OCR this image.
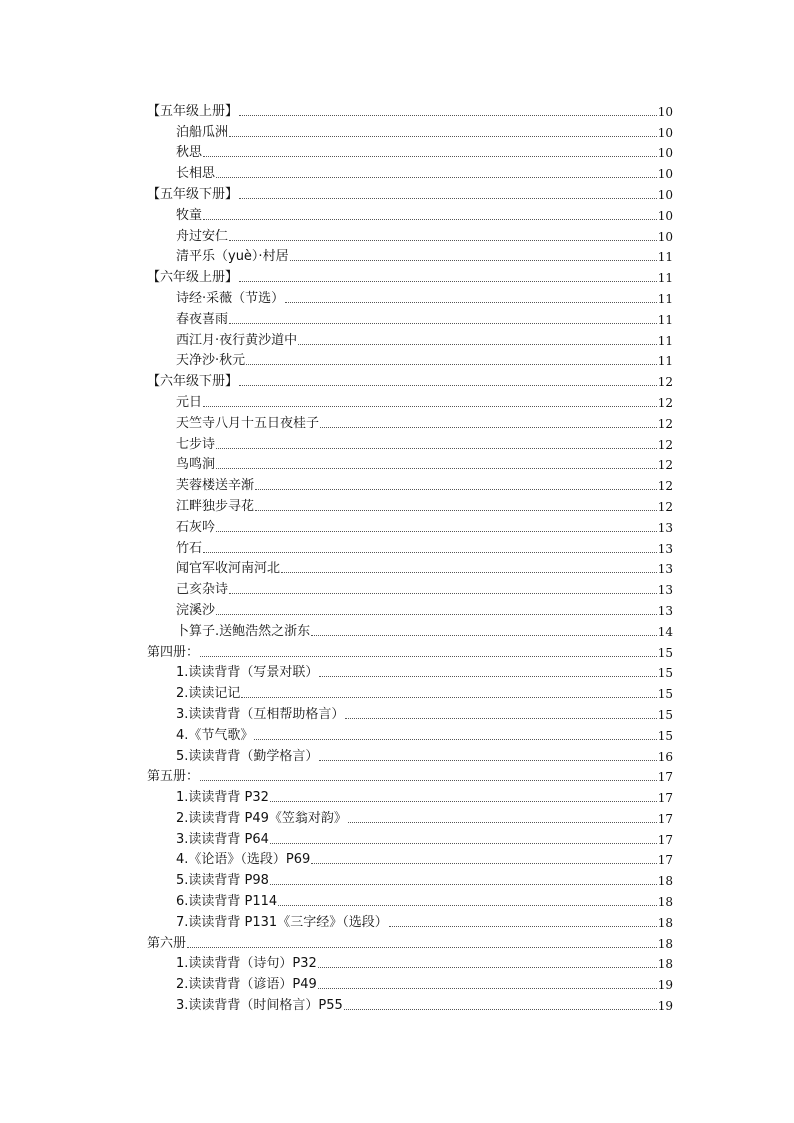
【五年级上册】	10
泊船瓜洲	10
秋思	10
长相思	10
【五年级下册】	10
牧童	10
舟过安仁	10
清平乐（yuè）·村居	11
【六年级上册】	11
诗经·采薇（节选）	11
春夜喜雨	11
西江月·夜行黄沙道中	11
天净沙·秋元	11
【六年级下册】	12
元日	12
天竺寺八月十五日夜桂子	12
七步诗	12
鸟鸣涧	12
芙蓉楼送辛渐	12
江畔独步寻花	12
石灰吟	13
竹石	13
闻官军收河南河北	13
己亥杂诗	13
浣溪沙	13
卜算子.送鲍浩然之浙东	14
第四册：	15
1.读读背背（写景对联）	15
2.读读记记	15
3.读读背背（互相帮助格言）	15
4.《节气歌》	15
5.读读背背（勤学格言）	16
第五册：	17
1.读读背背 P32	17
2.读读背背 P49《笠翁对韵》	17
3.读读背背 P64	17
4.《论语》（选段）P69	17
5.读读背背 P98	18
6.读读背背 P114	18
7.读读背背 P131《三字经》（选段）	18
第六册	18
1.读读背背（诗句）P32	18
2.读读背背（谚语）P49	19
3.读读背背（时间格言）P55	19
